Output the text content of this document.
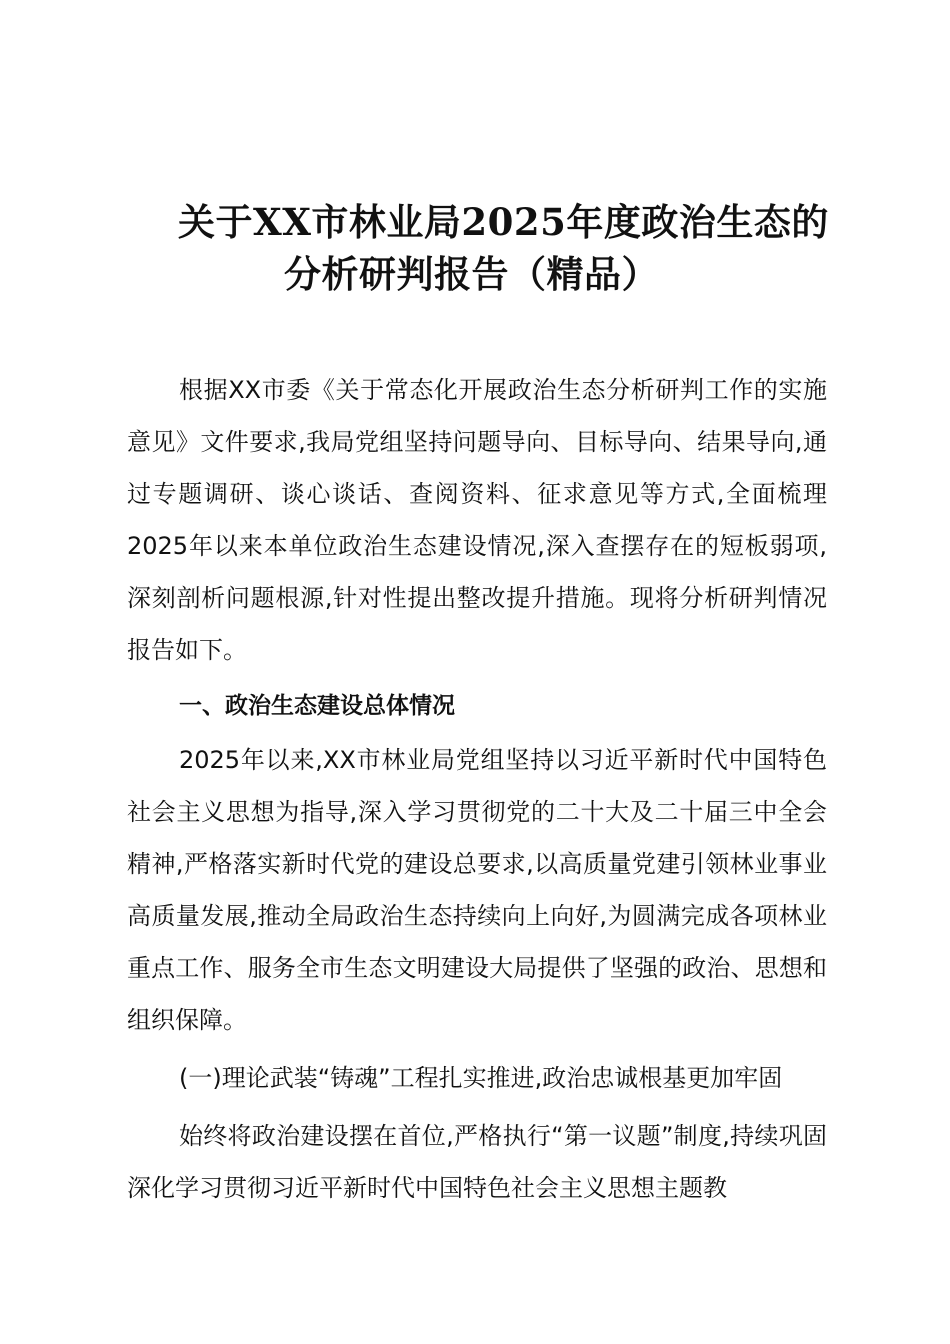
关于XX市林业局2025年度政治生态的
分析研判报告（精品）

根据XX市委《关于常态化开展政治生态分析研判工作的实施意见》文件要求,我局党组坚持问题导向、目标导向、结果导向,通过专题调研、谈心谈话、查阅资料、征求意见等方式,全面梳理2025年以来本单位政治生态建设情况,深入查摆存在的短板弱项,深刻剖析问题根源,针对性提出整改提升措施。现将分析研判情况报告如下。

一、政治生态建设总体情况

2025年以来,XX市林业局党组坚持以习近平新时代中国特色社会主义思想为指导,深入学习贯彻党的二十大及二十届三中全会精神,严格落实新时代党的建设总要求,以高质量党建引领林业事业高质量发展,推动全局政治生态持续向上向好,为圆满完成各项林业重点工作、服务全市生态文明建设大局提供了坚强的政治、思想和组织保障。

(一)理论武装“铸魂”工程扎实推进,政治忠诚根基更加牢固

始终将政治建设摆在首位,严格执行“第一议题”制度,持续巩固深化学习贯彻习近平新时代中国特色社会主义思想主题教
